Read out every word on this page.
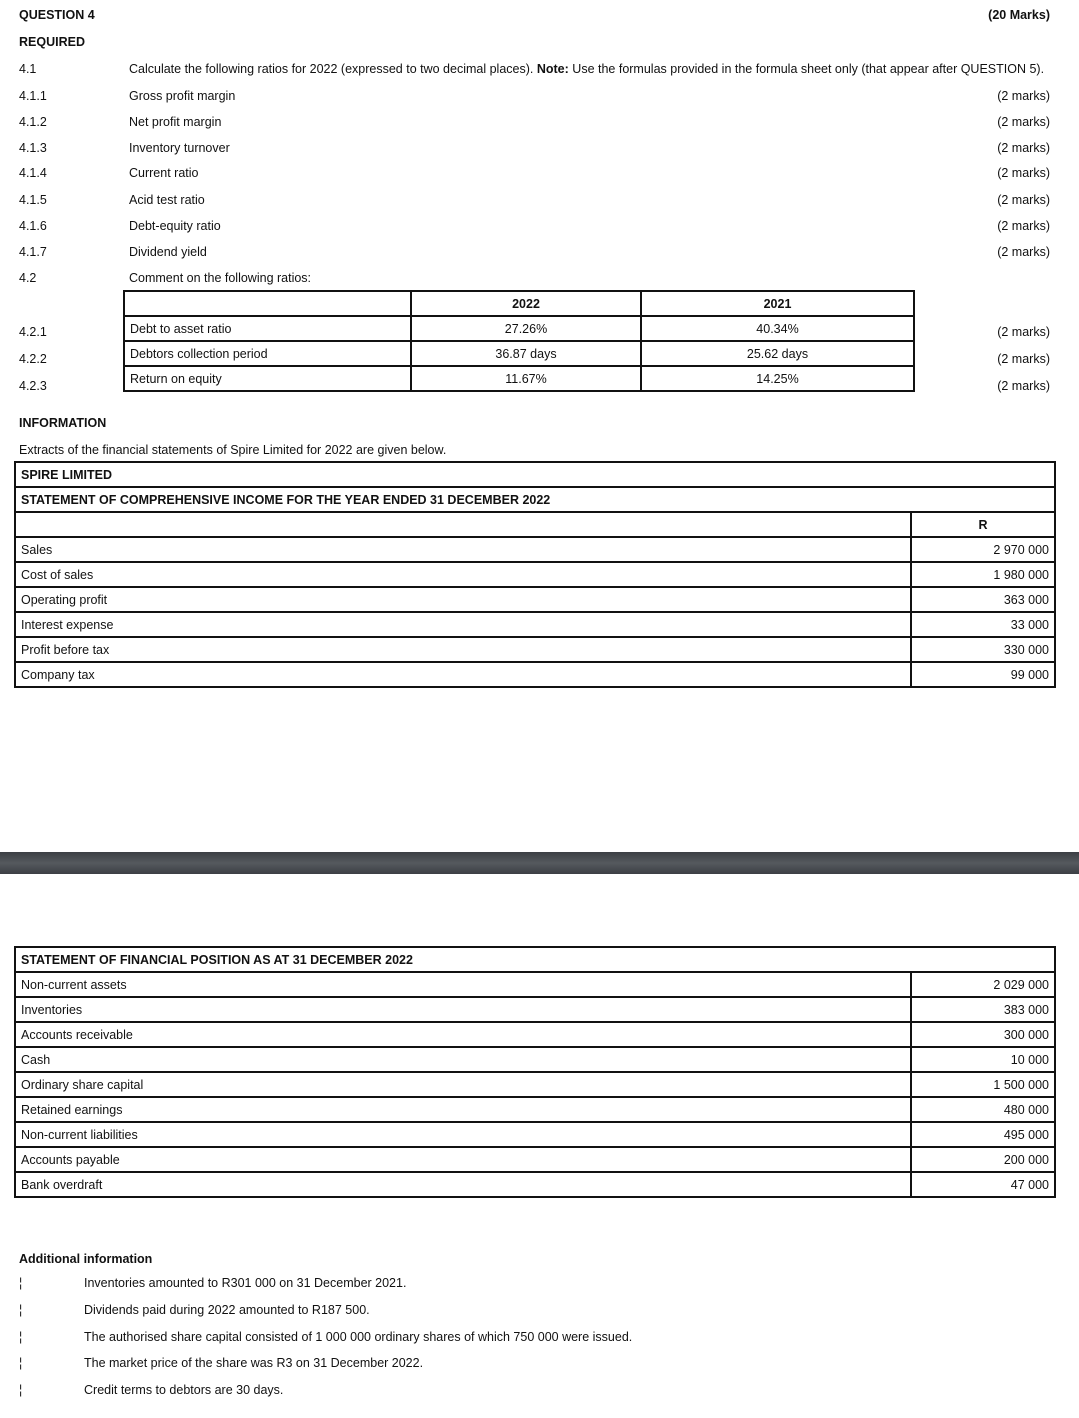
QUESTION 4	(20 Marks)
REQUIRED
4.1	Calculate the following ratios for 2022 (expressed to two decimal places). Note: Use the formulas provided in the formula sheet only (that appear after QUESTION 5).
4.1.1	Gross profit margin	(2 marks)
4.1.2	Net profit margin	(2 marks)
4.1.3	Inventory turnover	(2 marks)
4.1.4	Current ratio	(2 marks)
4.1.5	Acid test ratio	(2 marks)
4.1.6	Debt-equity ratio	(2 marks)
4.1.7	Dividend yield	(2 marks)
4.2	Comment on the following ratios:
	2022	2021
Debt to asset ratio	27.26%	40.34%
Debtors collection period	36.87 days	25.62 days
Return on equity	11.67%	14.25%
4.2.1	(2 marks)
4.2.2	(2 marks)
4.2.3	(2 marks)
INFORMATION
Extracts of the financial statements of Spire Limited for 2022 are given below.
SPIRE LIMITED	
STATEMENT OF COMPREHENSIVE INCOME FOR THE YEAR ENDED 31 DECEMBER 2022	
	R
Sales	2 970 000
Cost of sales	1 980 000
Operating profit	363 000
Interest expense	33 000
Profit before tax	330 000
Company tax	99 000
STATEMENT OF FINANCIAL POSITION AS AT 31 DECEMBER 2022	
Non-current assets	2 029 000
Inventories	383 000
Accounts receivable	300 000
Cash	10 000
Ordinary share capital	1 500 000
Retained earnings	480 000
Non-current liabilities	495 000
Accounts payable	200 000
Bank overdraft	47 000
Additional information
¦	Inventories amounted to R301 000 on 31 December 2021.
¦	Dividends paid during 2022 amounted to R187 500.
¦	The authorised share capital consisted of 1 000 000 ordinary shares of which 750 000 were issued.
¦	The market price of the share was R3 on 31 December 2022.
¦	Credit terms to debtors are 30 days.
